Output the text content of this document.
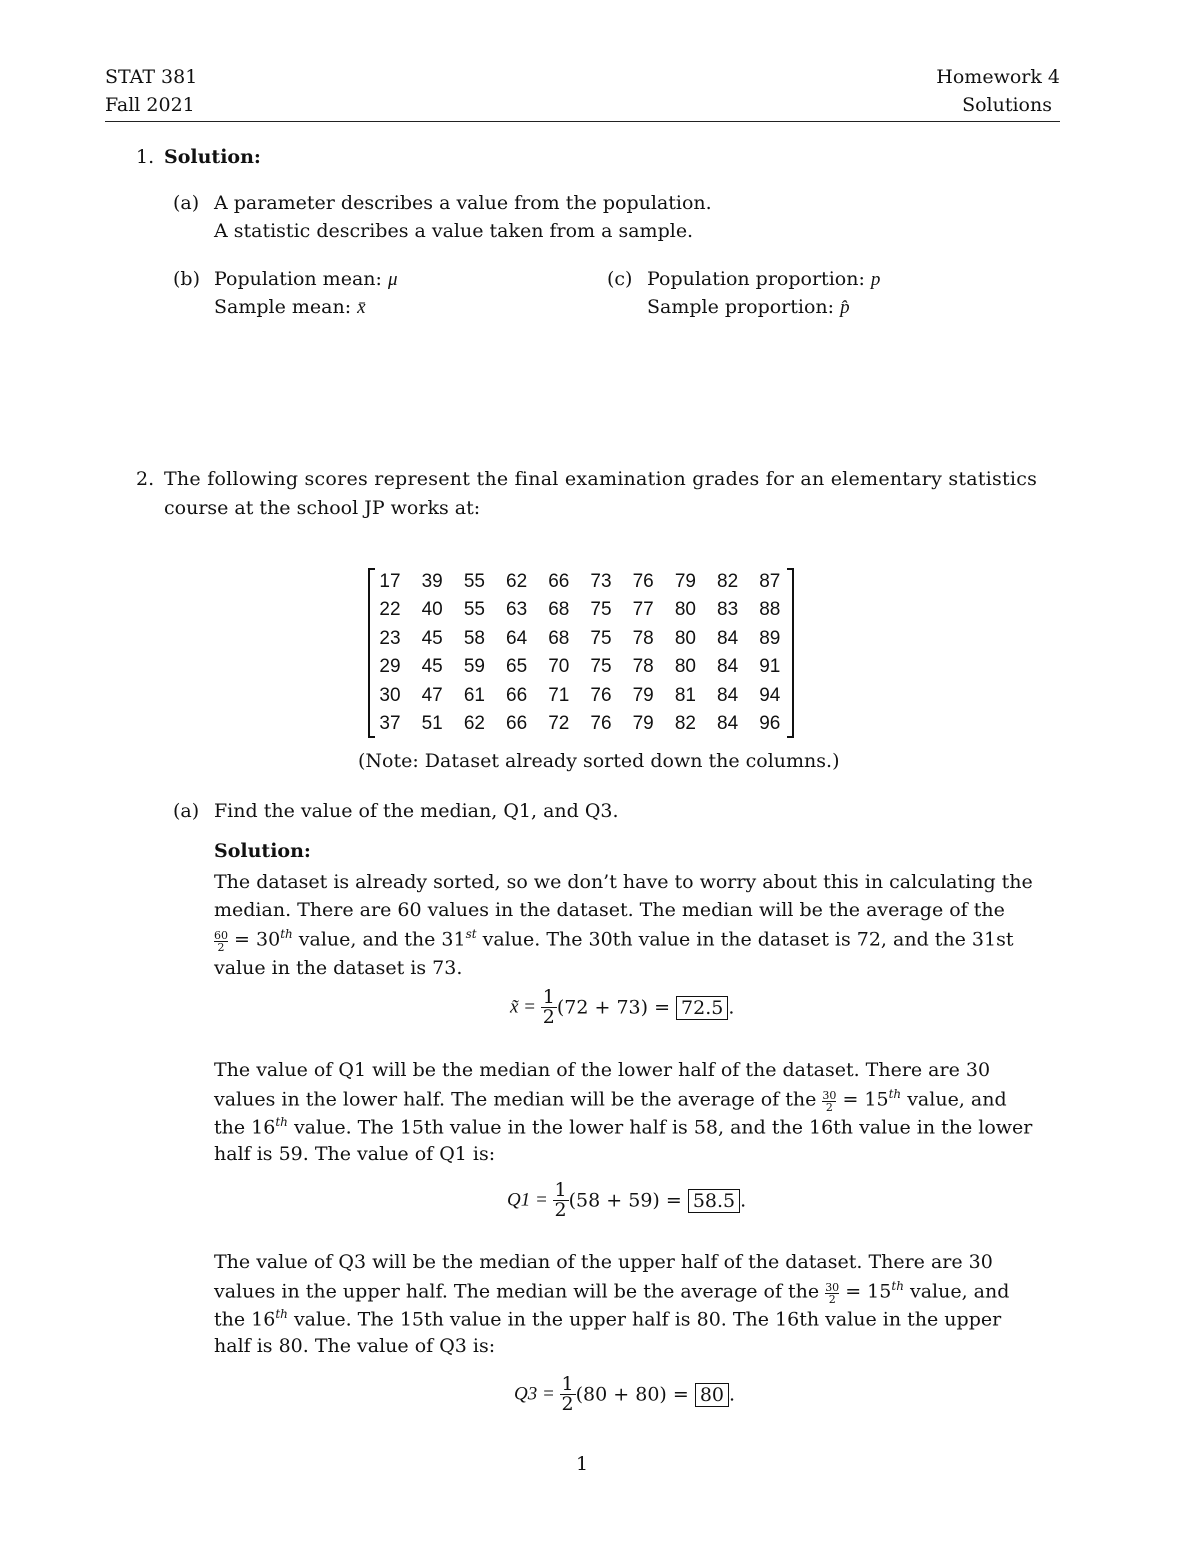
STAT 381
Fall 2021
Homework 4
Solutions
1. Solution:
(a) A parameter describes a value from the population.
A statistic describes a value taken from a sample.
(b) Population mean: μ
Sample mean: x̄
(c) Population proportion: p
Sample proportion: p̂
2. The following scores represent the final examination grades for an elementary statistics
course at the school JP works at:
17	39	55	62	66	73	76	79	82	87
22	40	55	63	68	75	77	80	83	88
23	45	58	64	68	75	78	80	84	89
29	45	59	65	70	75	78	80	84	91
30	47	61	66	71	76	79	81	84	94
37	51	62	66	72	76	79	82	84	96
(Note: Dataset already sorted down the columns.)
(a) Find the value of the median, Q1, and Q3.
Solution:
The dataset is already sorted, so we don’t have to worry about this in calculating the
median. There are 60 values in the dataset. The median will be the average of the
$\frac{60}{2} = 30th$ value, and the 31st value. The 30th value in the dataset is 72, and the 31st
value in the dataset is 73.
x̃ = $\frac{1}{2} (72 + 73) = 72.5$ .
The value of Q1 will be the median of the lower half of the dataset. There are 30
values in the lower half. The median will be the average of the $\frac{30}{2} = 15th$ value, and
the 16th value. The 15th value in the lower half is 58, and the 16th value in the lower
half is 59. The value of Q1 is:
$Q1 = \frac{1}{2} (58 + 59) = 58.5$ .
The value of Q3 will be the median of the upper half of the dataset. There are 30
values in the upper half. The median will be the average of the $\frac{30}{2} = 15th$ value, and
the 16th value. The 15th value in the upper half is 80. The 16th value in the upper
half is 80. The value of Q3 is:
$Q3 = \frac{1}{2} (80 + 80) = 80$ .
1
